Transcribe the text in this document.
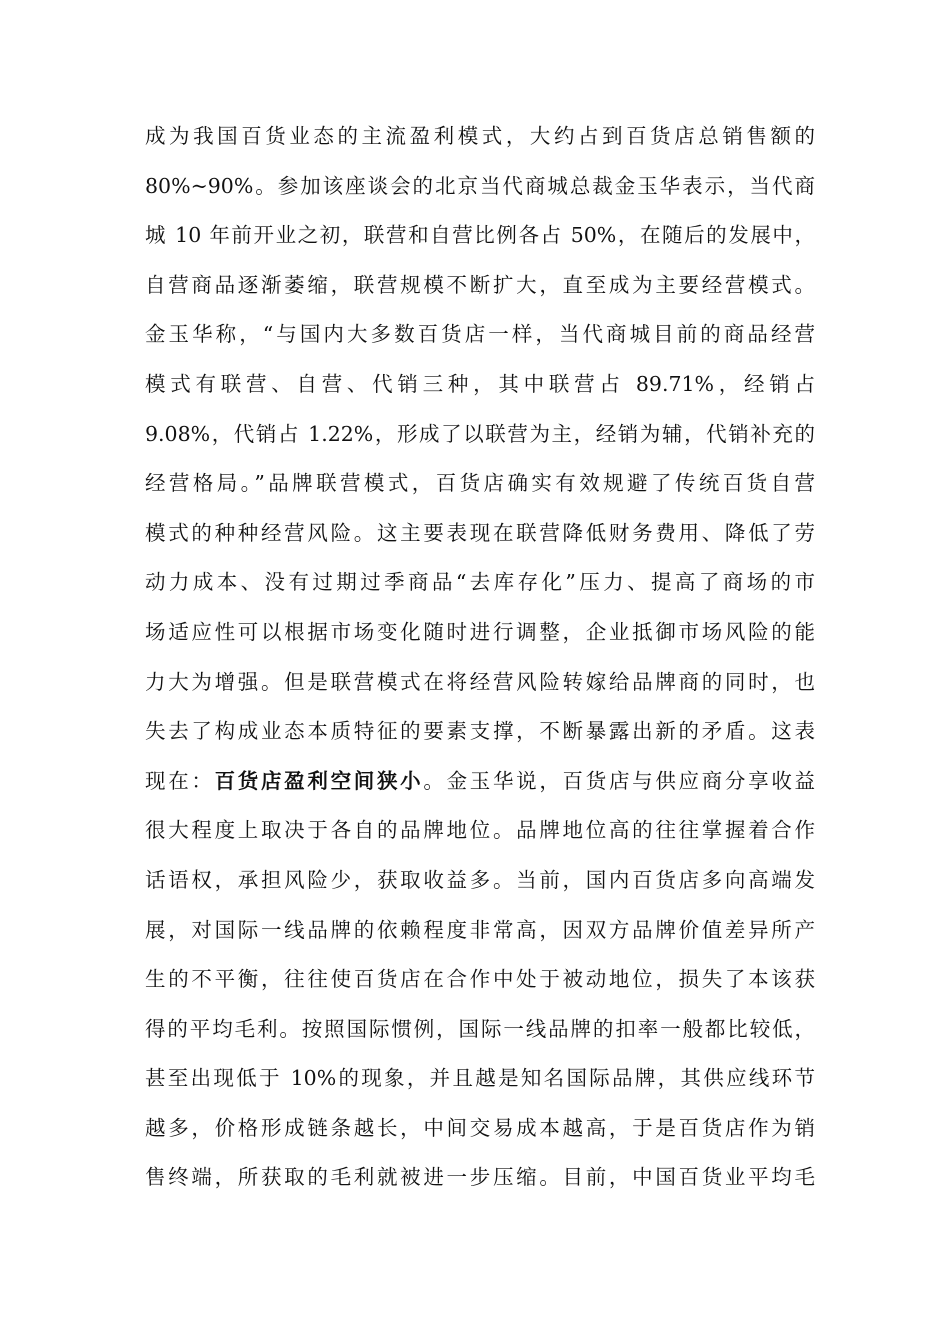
成为我国百货业态的主流盈利模式，大约占到百货店总销售额的
80%~90%。参加该座谈会的北京当代商城总裁金玉华表示，当代商
城 10 年前开业之初，联营和自营比例各占 50%，在随后的发展中，
自营商品逐渐萎缩，联营规模不断扩大，直至成为主要经营模式。
金玉华称，“与国内大多数百货店一样，当代商城目前的商品经营
模式有联营、自营、代销三种，其中联营占 89.71%，经销占
9.08%，代销占 1.22%，形成了以联营为主，经销为辅，代销补充的
经营格局。”品牌联营模式，百货店确实有效规避了传统百货自营
模式的种种经营风险。这主要表现在联营降低财务费用、降低了劳
动力成本、没有过期过季商品“去库存化”压力、提高了商场的市
场适应性可以根据市场变化随时进行调整，企业抵御市场风险的能
力大为增强。但是联营模式在将经营风险转嫁给品牌商的同时，也
失去了构成业态本质特征的要素支撑，不断暴露出新的矛盾。这表
现在：百货店盈利空间狭小。金玉华说，百货店与供应商分享收益
很大程度上取决于各自的品牌地位。品牌地位高的往往掌握着合作
话语权，承担风险少，获取收益多。当前，国内百货店多向高端发
展，对国际一线品牌的依赖程度非常高，因双方品牌价值差异所产
生的不平衡，往往使百货店在合作中处于被动地位，损失了本该获
得的平均毛利。按照国际惯例，国际一线品牌的扣率一般都比较低，
甚至出现低于 10%的现象，并且越是知名国际品牌，其供应线环节
越多，价格形成链条越长，中间交易成本越高，于是百货店作为销
售终端，所获取的毛利就被进一步压缩。目前，中国百货业平均毛
